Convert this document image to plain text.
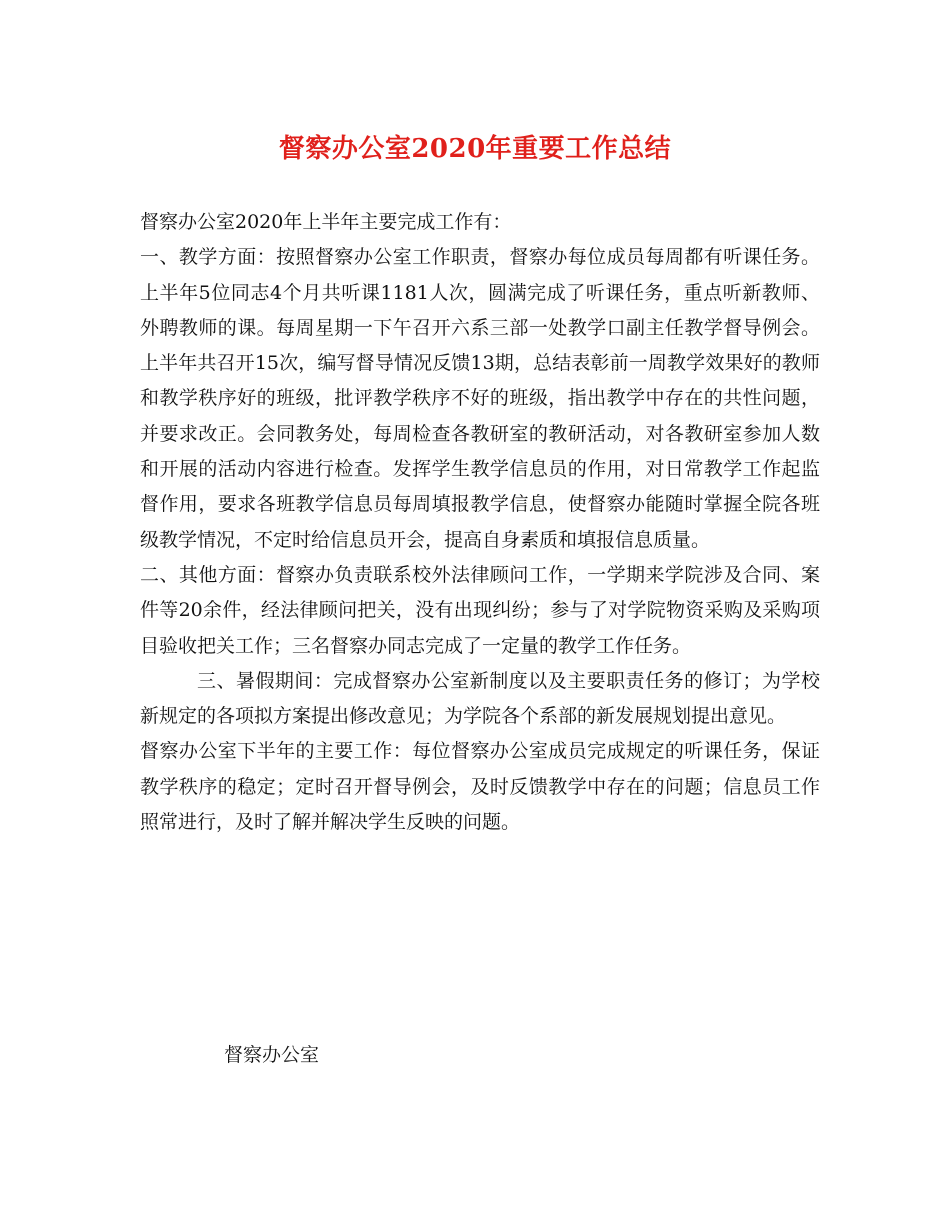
督察办公室2020年重要工作总结

督察办公室2020年上半年主要完成工作有：

一、教学方面：按照督察办公室工作职责，督察办每位成员每周都有听课任务。上半年5位同志4个月共听课1181人次，圆满完成了听课任务，重点听新教师、外聘教师的课。每周星期一下午召开六系三部一处教学口副主任教学督导例会。上半年共召开15次，编写督导情况反馈13期，总结表彰前一周教学效果好的教师和教学秩序好的班级，批评教学秩序不好的班级，指出教学中存在的共性问题，并要求改正。会同教务处，每周检查各教研室的教研活动，对各教研室参加人数和开展的活动内容进行检查。发挥学生教学信息员的作用，对日常教学工作起监督作用，要求各班教学信息员每周填报教学信息，使督察办能随时掌握全院各班级教学情况，不定时给信息员开会，提高自身素质和填报信息质量。

二、其他方面：督察办负责联系校外法律顾问工作，一学期来学院涉及合同、案件等20余件，经法律顾问把关，没有出现纠纷；参与了对学院物资采购及采购项目验收把关工作；三名督察办同志完成了一定量的教学工作任务。

三、暑假期间：完成督察办公室新制度以及主要职责任务的修订；为学校新规定的各项拟方案提出修改意见；为学院各个系部的新发展规划提出意见。

督察办公室下半年的主要工作：每位督察办公室成员完成规定的听课任务，保证教学秩序的稳定；定时召开督导例会，及时反馈教学中存在的问题；信息员工作照常进行，及时了解并解决学生反映的问题。

督察办公室
